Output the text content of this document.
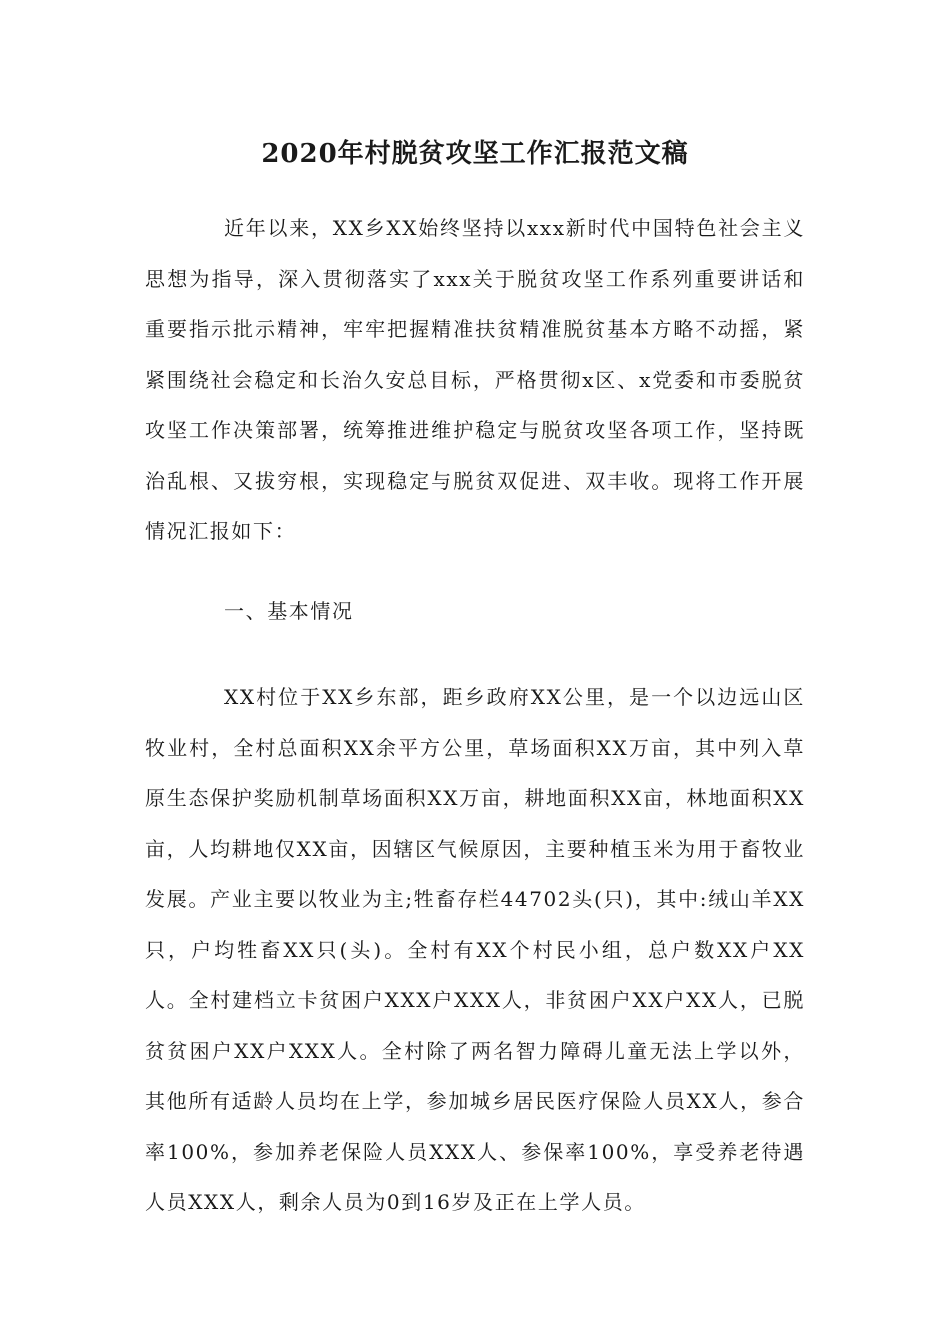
2020年村脱贫攻坚工作汇报范文稿

近年以来，XX乡XX始终坚持以xxx新时代中国特色社会主义思想为指导，深入贯彻落实了xxx关于脱贫攻坚工作系列重要讲话和重要指示批示精神，牢牢把握精准扶贫精准脱贫基本方略不动摇，紧紧围绕社会稳定和长治久安总目标，严格贯彻x区、x党委和市委脱贫攻坚工作决策部署，统筹推进维护稳定与脱贫攻坚各项工作，坚持既治乱根、又拔穷根，实现稳定与脱贫双促进、双丰收。现将工作开展情况汇报如下：

一、基本情况

XX村位于XX乡东部，距乡政府XX公里，是一个以边远山区牧业村，全村总面积XX余平方公里，草场面积XX万亩，其中列入草原生态保护奖励机制草场面积XX万亩，耕地面积XX亩，林地面积XX亩，人均耕地仅XX亩，因辖区气候原因，主要种植玉米为用于畜牧业发展。产业主要以牧业为主;牲畜存栏44702头(只)，其中:绒山羊XX只，户均牲畜XX只(头)。全村有XX个村民小组，总户数XX户XX人。全村建档立卡贫困户XXX户XXX人，非贫困户XX户XX人，已脱贫贫困户XX户XXX人。全村除了两名智力障碍儿童无法上学以外，其他所有适龄人员均在上学，参加城乡居民医疗保险人员XX人，参合率100%，参加养老保险人员XXX人、参保率100%，享受养老待遇人员XXX人，剩余人员为0到16岁及正在上学人员。
